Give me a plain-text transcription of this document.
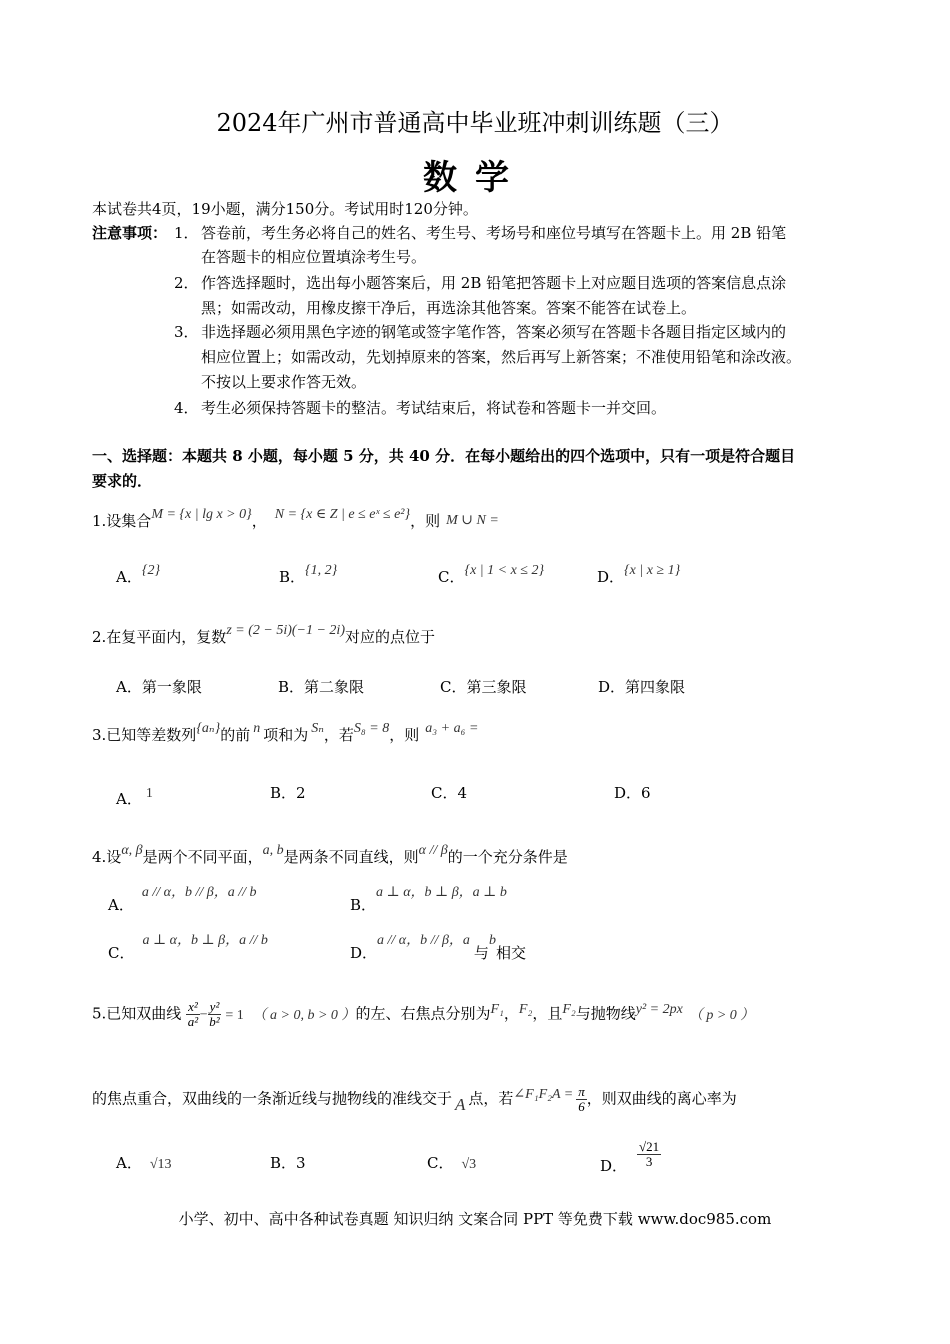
2024年广州市普通高中毕业班冲刺训练题（三）
数学
本试卷共4页，19小题，满分150分。考试用时120分钟。
注意事项： 1． 答卷前，考生务必将自己的姓名、考生号、考场号和座位号填写在答题卡上。用 2B 铅笔
在答题卡的相应位置填涂考生号。
2． 作答选择题时，选出每小题答案后，用 2B 铅笔把答题卡上对应题目选项的答案信息点涂
黑；如需改动，用橡皮擦干净后，再选涂其他答案。答案不能答在试卷上。
3． 非选择题必须用黑色字迹的钢笔或签字笔作答，答案必须写在答题卡各题目指定区域内的
相应位置上；如需改动，先划掉原来的答案，然后再写上新答案；不准使用铅笔和涂改液。
不按以上要求作答无效。
4． 考生必须保持答题卡的整洁。考试结束后，将试卷和答题卡一并交回。
一、选择题：本题共 8 小题，每小题 5 分，共 40 分．在每小题给出的四个选项中，只有一项是符合题目
要求的．
1.设集合M = {x | lg x > 0}， N = {x ∈ Z | e ≤ eˣ ≤ e²}，则 M ∪ N =
A．{2}	B．{1, 2}	C．{x | 1 < x ≤ 2}	D．{x | x ≥ 1}
2.在复平面内，复数z = (2 − 5i)(−1 − 2i)对应的点位于
A．第一象限	B．第二象限	C．第三象限	D．第四象限
3.已知等差数列{aₙ}的前 n 项和为 Sₙ，若S₈ = 8，则 a₃ + a₆ =
A． 1	B．2	C．4	D．6
4.设α, β是两个不同平面，a, b是两条不同直线，则α // β的一个充分条件是
A．a // α，b // β，a // b
B．a ⊥ α，b ⊥ β，a ⊥ b
C．a ⊥ α，b ⊥ β，a // b
D．a // α，b // β，a与b相交
5.已知双曲线 $\frac{\text{x²}}{\text{a²}} - \frac{\text{y²}}{\text{b²}} = 1$ （ a > 0, b > 0 ）的左、右焦点分别为F₁，F₂，且F₂与抛物线y² = 2px （ p > 0 ）
的焦点重合，双曲线的一条渐近线与抛物线的准线交于 A 点，若∠F₁F₂A = $\frac{\pi}{6}$ ，则双曲线的离心率为
A． √13	B．3	C． √3	D． $\frac{√21}{3}$
小学、初中、高中各种试卷真题 知识归纳 文案合同 PPT 等免费下载 www.doc985.com
